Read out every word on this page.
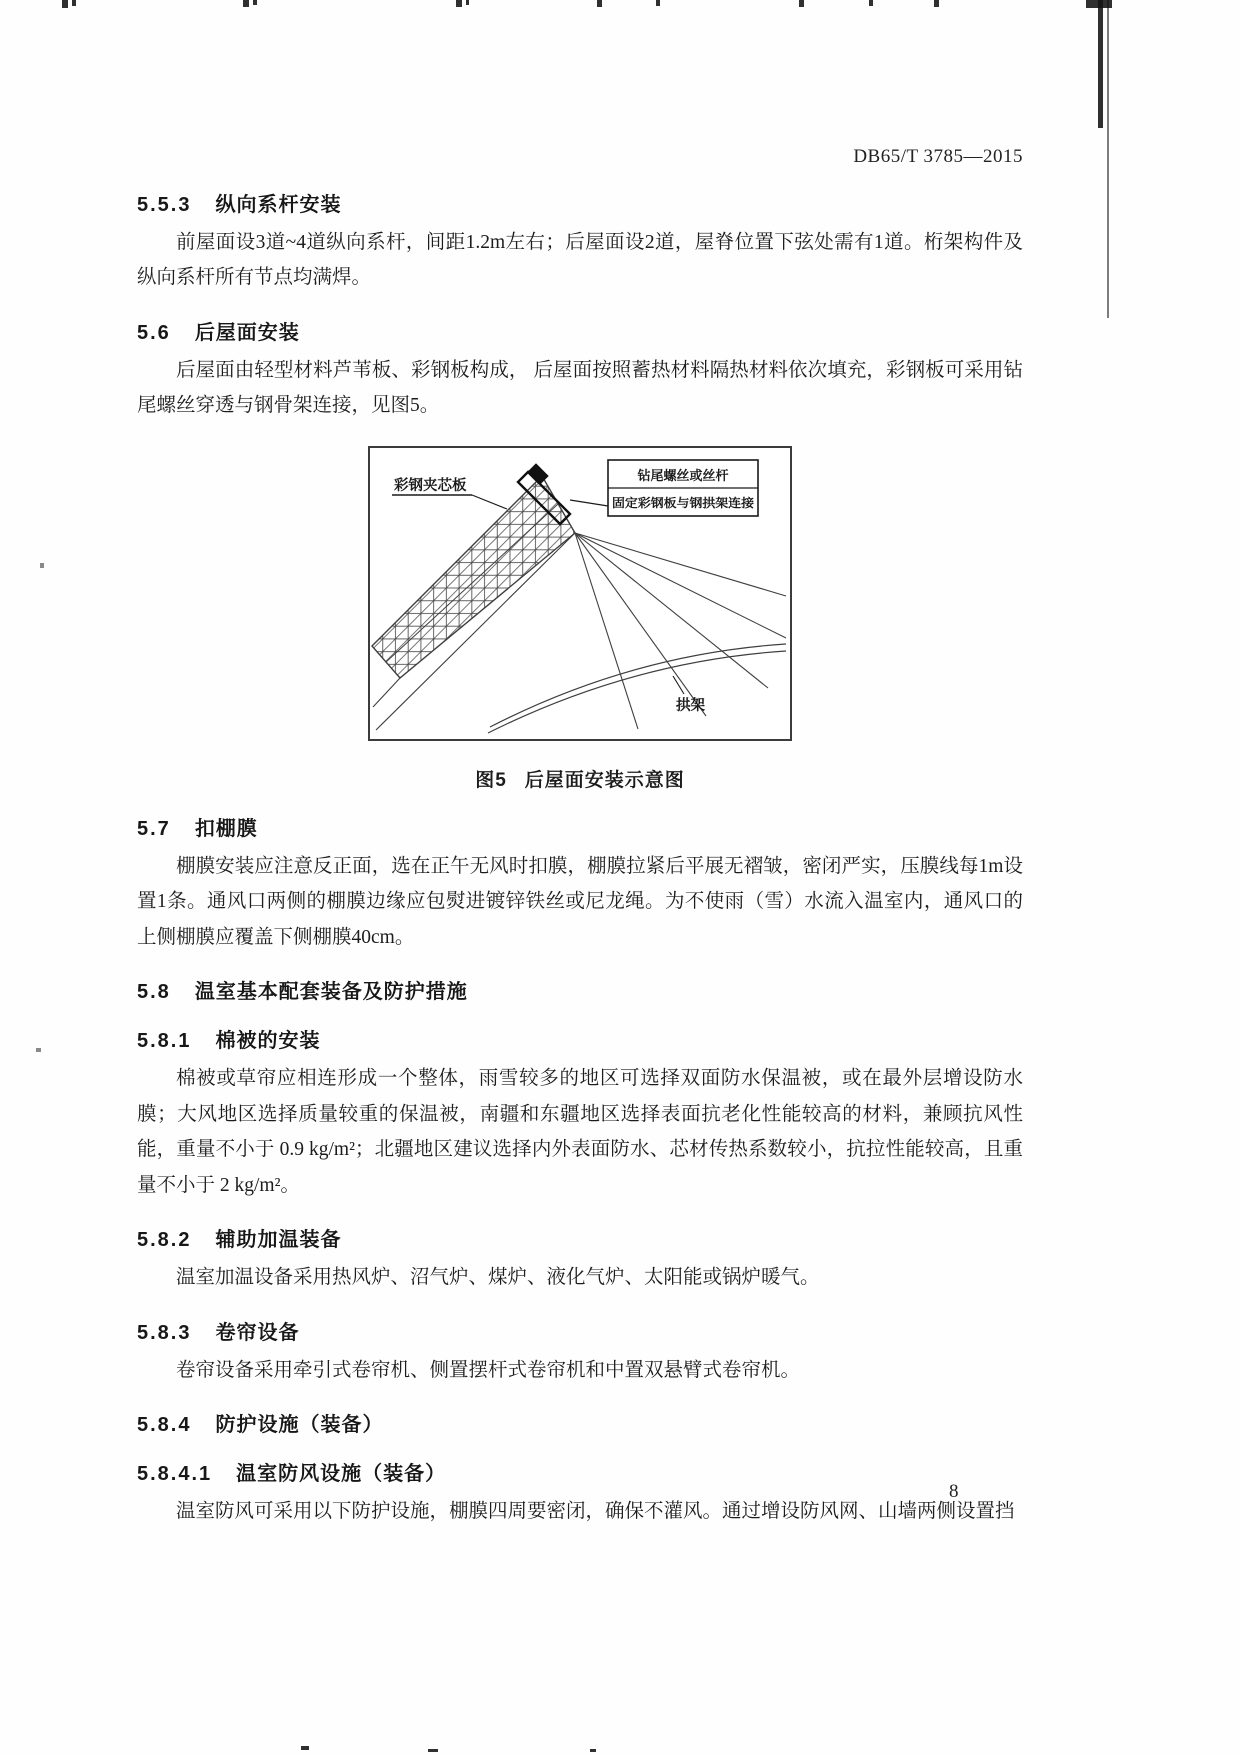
DB65/T 3785—2015
5.5.3 纵向系杆安装

前屋面设3道~4道纵向系杆，间距1.2m左右；后屋面设2道，屋脊位置下弦处需有1道。桁架构件及纵向系杆所有节点均满焊。

5.6 后屋面安装

后屋面由轻型材料芦苇板、彩钢板构成， 后屋面按照蓄热材料隔热材料依次填充，彩钢板可采用钻尾螺丝穿透与钢骨架连接，见图5。

彩钢夹芯板
钻尾螺丝或丝杆
固定彩钢板与钢拱架连接
拱架
图5 后屋面安装示意图
5.7 扣棚膜

棚膜安装应注意反正面，选在正午无风时扣膜，棚膜拉紧后平展无褶皱，密闭严实，压膜线每1m设置1条。通风口两侧的棚膜边缘应包熨进镀锌铁丝或尼龙绳。为不使雨（雪）水流入温室内，通风口的上侧棚膜应覆盖下侧棚膜40cm。

5.8 温室基本配套装备及防护措施
5.8.1 棉被的安装

棉被或草帘应相连形成一个整体，雨雪较多的地区可选择双面防水保温被，或在最外层增设防水膜；大风地区选择质量较重的保温被，南疆和东疆地区选择表面抗老化性能较高的材料，兼顾抗风性能，重量不小于 0.9 kg/m²；北疆地区建议选择内外表面防水、芯材传热系数较小，抗拉性能较高，且重量不小于 2 kg/m²。

5.8.2 辅助加温装备

温室加温设备采用热风炉、沼气炉、煤炉、液化气炉、太阳能或锅炉暖气。

5.8.3 卷帘设备

卷帘设备采用牵引式卷帘机、侧置摆杆式卷帘机和中置双悬臂式卷帘机。

5.8.4 防护设施（装备）
5.8.4.1 温室防风设施（装备）

温室防风可采用以下防护设施，棚膜四周要密闭，确保不灌风。通过增设防风网、山墙两侧设置挡

8
